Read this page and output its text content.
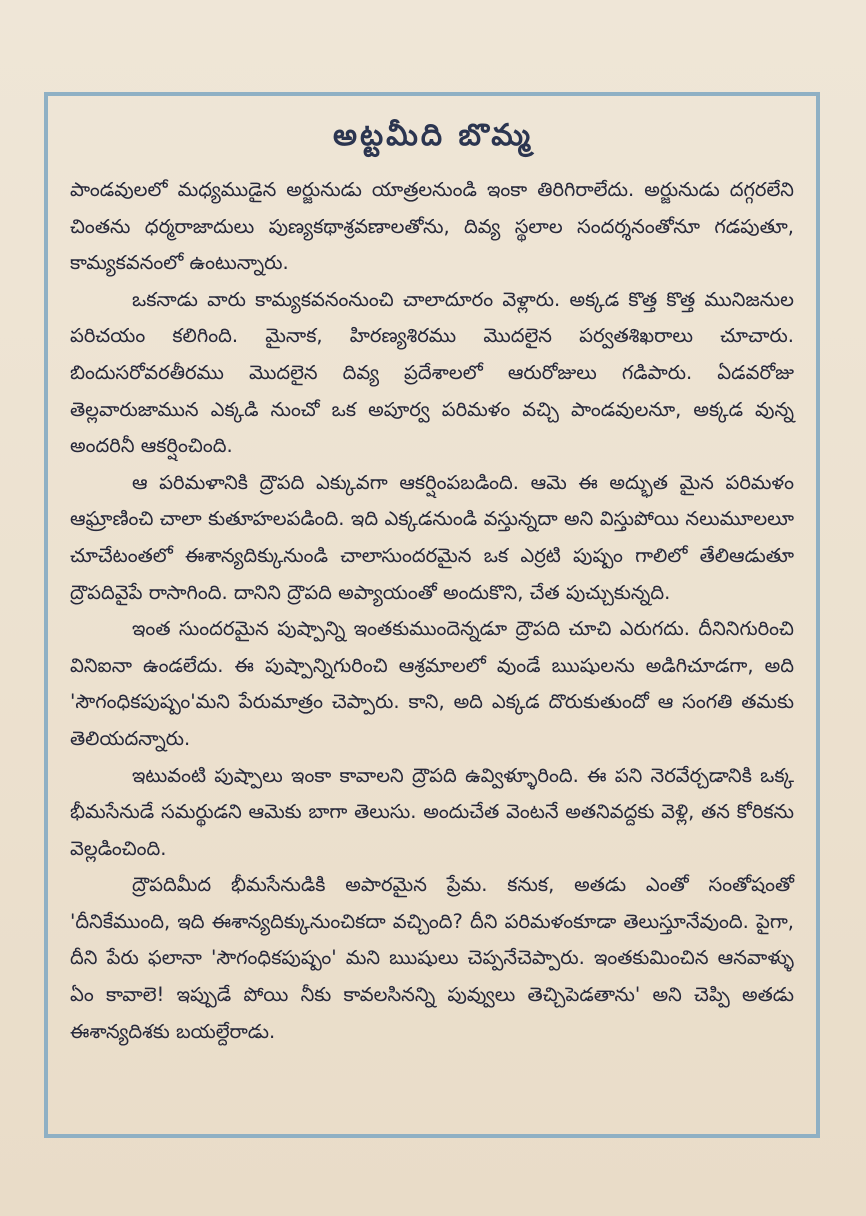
అట్టమీది బొమ్మ

పాండవులలో మధ్యముడైన అర్జునుడు యాత్రలనుండి ఇంకా తిరిగిరాలేదు. అర్జునుడు దగ్గరలేని చింతను ధర్మరాజాదులు పుణ్యకథాశ్రవణాలతోను, దివ్య స్థలాల సందర్శనంతోనూ గడపుతూ, కామ్యకవనంలో ఉంటున్నారు.

ఒకనాడు వారు కామ్యకవనంనుంచి చాలాదూరం వెళ్లారు. అక్కడ కొత్త కొత్త మునిజనుల పరిచయం కలిగింది. మైనాక, హిరణ్యశిరము మొదలైన పర్వతశిఖరాలు చూచారు. బిందుసరోవరతీరము మొదలైన దివ్య ప్రదేశాలలో ఆరురోజులు గడిపారు. ఏడవరోజు తెల్లవారుజామున ఎక్కడి నుంచో ఒక అపూర్వ పరిమళం వచ్చి పాండవులనూ, అక్కడ వున్న అందరినీ ఆకర్షించింది.

ఆ పరిమళానికి ద్రౌపది ఎక్కువగా ఆకర్షింపబడింది. ఆమె ఈ అద్భుత మైన పరిమళం ఆఘ్రాణించి చాలా కుతూహలపడింది. ఇది ఎక్కడనుండి వస్తున్నదా అని విస్తుపోయి నలుమూలలూ చూచేటంతలో ఈశాన్యదిక్కునుండి చాలాసుందరమైన ఒక ఎర్రటి పుష్పం గాలిలో తేలిఆడుతూ ద్రౌపదివైపే రాసాగింది. దానిని ద్రౌపది అప్యాయంతో అందుకొని, చేత పుచ్చుకున్నది.

ఇంత సుందరమైన పుష్పాన్ని ఇంతకుముందెన్నడూ ద్రౌపది చూచి ఎరుగదు. దీనినిగురించి వినిఐనా ఉండలేదు. ఈ పుష్పాన్నిగురించి ఆశ్రమాలలో వుండే ఋషులను అడిగిచూడగా, అది 'సౌగంధికపుష్పం'మని పేరుమాత్రం చెప్పారు. కాని, అది ఎక్కడ దొరుకుతుందో ఆ సంగతి తమకు తెలియదన్నారు.

ఇటువంటి పుష్పాలు ఇంకా కావాలని ద్రౌపది ఉవ్విళ్ళూరింది. ఈ పని నెరవేర్చడానికి ఒక్క భీమసేనుడే సమర్థుడని ఆమెకు బాగా తెలుసు. అందుచేత వెంటనే అతనివద్దకు వెళ్లి, తన కోరికను వెల్లడించింది.

ద్రౌపదిమీద భీమసేనుడికి అపారమైన ప్రేమ. కనుక, అతడు ఎంతో సంతోషంతో 'దీనికేముంది, ఇది ఈశాన్యదిక్కునుంచికదా వచ్చింది? దీని పరిమళంకూడా తెలుస్తూనేవుంది. పైగా, దీని పేరు ఫలానా 'సౌగంధికపుష్పం' మని ఋషులు చెప్పనేచెప్పారు. ఇంతకుమించిన ఆనవాళ్ళు ఏం కావాలె! ఇప్పుడే పోయి నీకు కావలసినన్ని పువ్వులు తెచ్చిపెడతాను' అని చెప్పి అతడు ఈశాన్యదిశకు బయల్దేరాడు.
